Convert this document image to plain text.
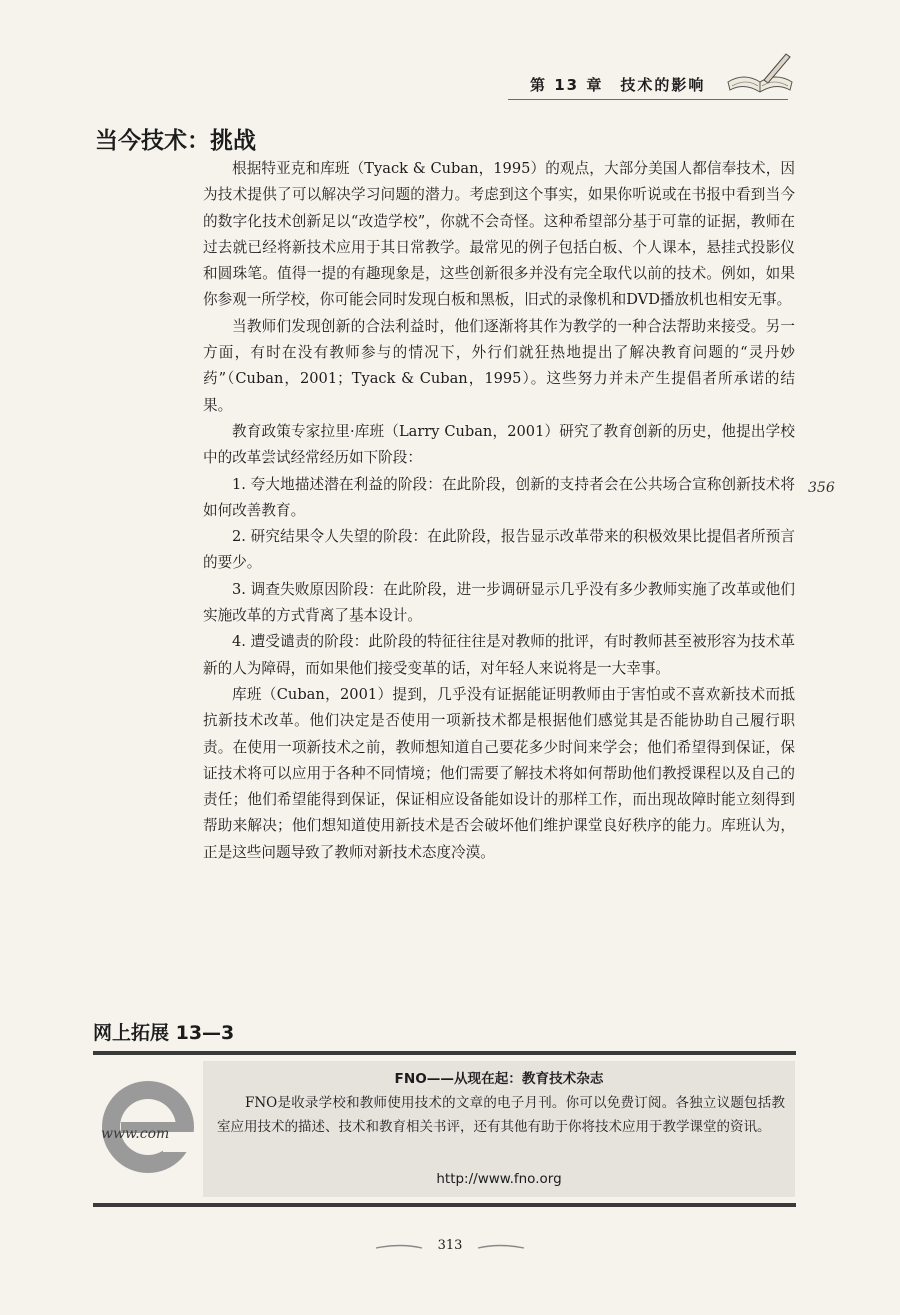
第 13 章　技术的影响
当今技术：挑战

根据特亚克和库班（Tyack & Cuban，1995）的观点，大部分美国人都信奉技术，因为技术提供了可以解决学习问题的潜力。考虑到这个事实，如果你听说或在书报中看到当今的数字化技术创新足以“改造学校”，你就不会奇怪。这种希望部分基于可靠的证据，教师在过去就已经将新技术应用于其日常教学。最常见的例子包括白板、个人课本，悬挂式投影仪和圆珠笔。值得一提的有趣现象是，这些创新很多并没有完全取代以前的技术。例如，如果你参观一所学校，你可能会同时发现白板和黑板，旧式的录像机和DVD播放机也相安无事。

当教师们发现创新的合法利益时，他们逐渐将其作为教学的一种合法帮助来接受。另一方面，有时在没有教师参与的情况下，外行们就狂热地提出了解决教育问题的“灵丹妙药”（Cuban，2001；Tyack & Cuban，1995）。这些努力并未产生提倡者所承诺的结果。

教育政策专家拉里·库班（Larry Cuban，2001）研究了教育创新的历史，他提出学校中的改革尝试经常经历如下阶段：

1. 夸大地描述潜在利益的阶段：在此阶段，创新的支持者会在公共场合宣称创新技术将如何改善教育。

2. 研究结果令人失望的阶段：在此阶段，报告显示改革带来的积极效果比提倡者所预言的要少。

3. 调查失败原因阶段：在此阶段，进一步调研显示几乎没有多少教师实施了改革或他们实施改革的方式背离了基本设计。

4. 遭受谴责的阶段：此阶段的特征往往是对教师的批评，有时教师甚至被形容为技术革新的人为障碍，而如果他们接受变革的话，对年轻人来说将是一大幸事。

库班（Cuban，2001）提到，几乎没有证据能证明教师由于害怕或不喜欢新技术而抵抗新技术改革。他们决定是否使用一项新技术都是根据他们感觉其是否能协助自己履行职责。在使用一项新技术之前，教师想知道自己要花多少时间来学会；他们希望得到保证，保证技术将可以应用于各种不同情境；他们需要了解技术将如何帮助他们教授课程以及自己的责任；他们希望能得到保证，保证相应设备能如设计的那样工作，而出现故障时能立刻得到帮助来解决；他们想知道使用新技术是否会破坏他们维护课堂良好秩序的能力。库班认为，正是这些问题导致了教师对新技术态度冷漠。

356
网上拓展 13—3
www.com
FNO——从现在起：教育技术杂志

FNO是收录学校和教师使用技术的文章的电子月刊。你可以免费订阅。各独立议题包括教室应用技术的描述、技术和教育相关书评，还有其他有助于你将技术应用于教学课堂的资讯。

http://www.fno.org
313
